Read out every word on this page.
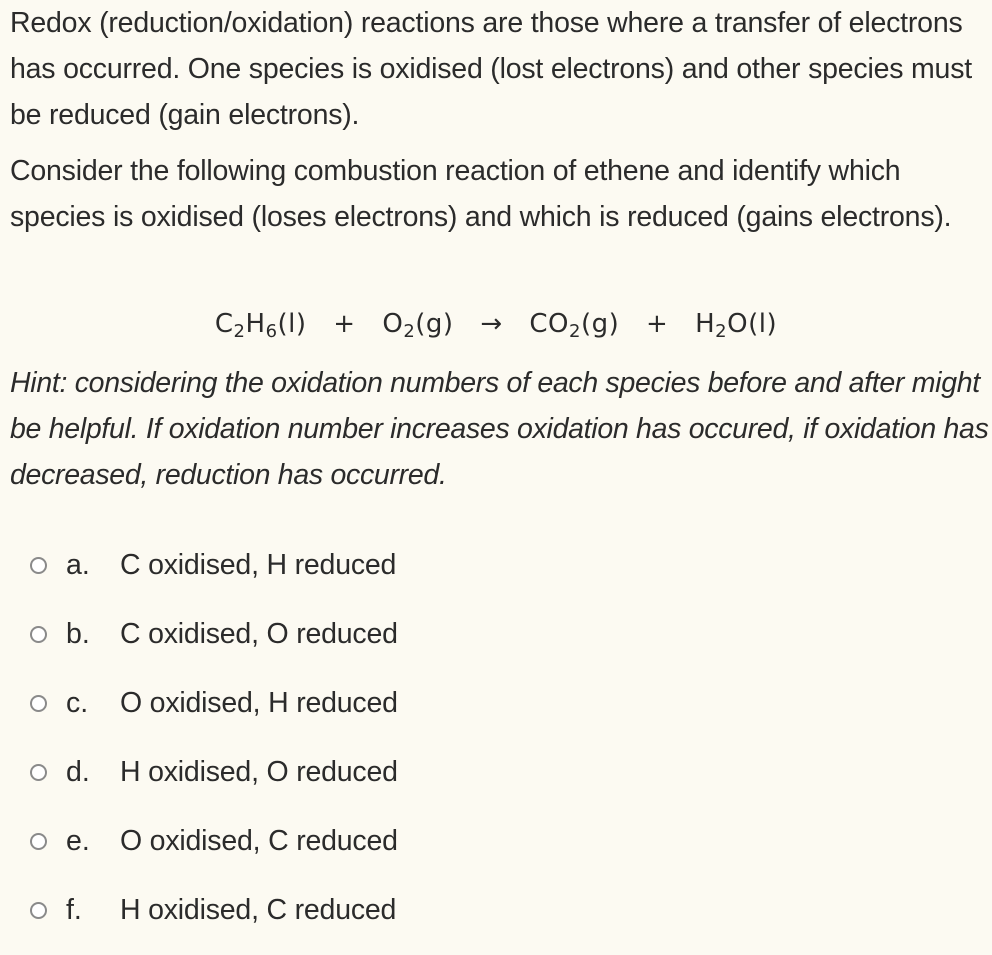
Redox (reduction/oxidation) reactions are those where a transfer of electrons has occurred. One species is oxidised (lost electrons) and other species must be reduced (gain electrons).
Consider the following combustion reaction of ethene and identify which species is oxidised (loses electrons) and which is reduced (gains electrons).
$C_2H_6(l) + O_2(g) \to CO_2(g) + H_2O(l)$
Hint: considering the oxidation numbers of each species before and after might be helpful. If oxidation number increases oxidation has occured, if oxidation has decreased, reduction has occurred.
a. C oxidised, H reduced
b. C oxidised, O reduced
c. O oxidised, H reduced
d. H oxidised, O reduced
e. O oxidised, C reduced
f. H oxidised, C reduced
